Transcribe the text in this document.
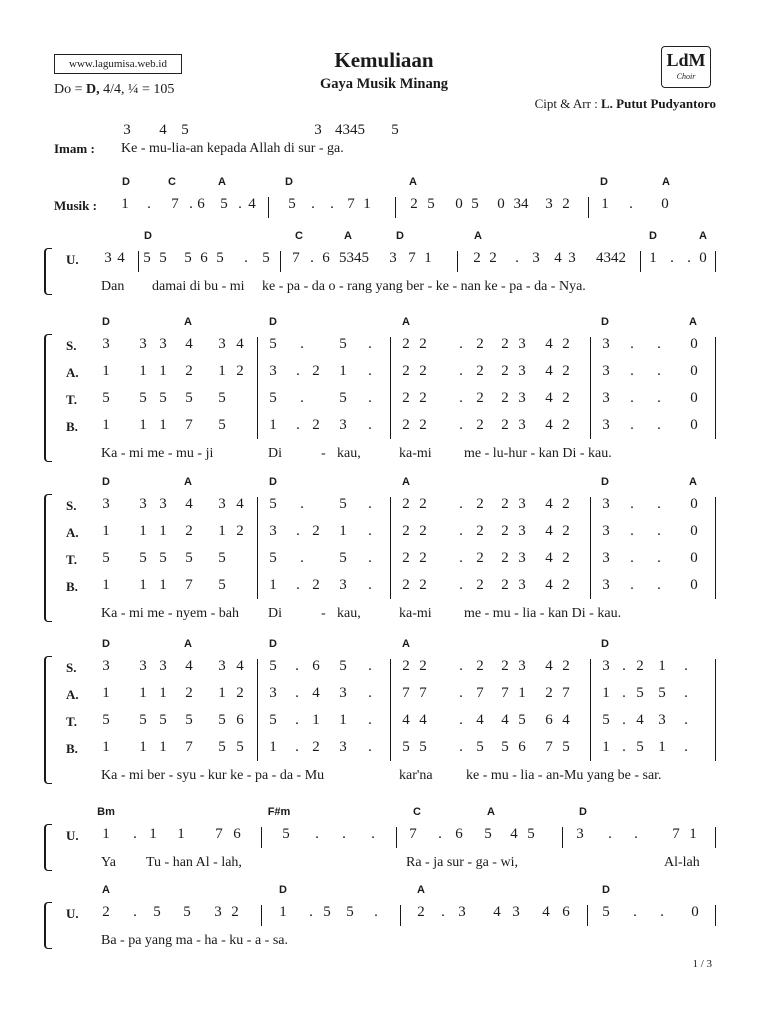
www.lagumisa.web.id	Kemuliaan
Gaya Musik Minang
Do = D, 4/4, ¼ = 105
Cipt & Arr : L. Putut Pudyantoro
LdM
Choir
1 / 3
Imam :
3 4 5	3 4345 5
Ke - mu-lia-an kepada Allah di sur - ga.
D	C	A	D	A	D	A
Musik : 1 . 7 . 6 5 . 4 5 . . 7 1	2 5 0 5 0 34 3 2 1 . 0
D	C	A	D	A	D	A
U. 3 4 5 5 5 6 5 . 5 7 . 6 5345 3 7 1	2 2 . 3 4 3 4342 1 . . 0
Dan damai di bu - mi ke - pa - da o - rang yang ber - ke - nan ke - pa - da - Nya.
D	A	D	A	D	A
S. 3 3 3 4 3 4 5 . 5 . 2 2 . 2 2 3 4 2 3 . . 0
A. 1 1 1 2 1 2 3 . 2 1 . 2 2 . 2 2 3 4 2 3 . . 0
T. 5 5 5 5 5	5 . 5 . 2 2 . 2 2 3 4 2 3 . . 0
B. 1 1 1 7 5	1 . 2 3 . 2 2 . 2 2 3 4 2 3 . . 0
Ka - mi me - mu - ji	Di	- kau,	ka-mi me - lu-hur - kan Di - kau.
D	A	D	A	D	A
S. 3 3 3 4 3 4 5 . 5 . 2 2 . 2 2 3 4 2 3 . . 0
A. 1 1 1 2 1 2 3 . 2 1 . 2 2 . 2 2 3 4 2 3 . . 0
T. 5 5 5 5 5	5 . 5 . 2 2 . 2 2 3 4 2 3 . . 0
B. 1 1 1 7 5	1 . 2 3 . 2 2 . 2 2 3 4 2 3 . . 0
Ka - mi me - nyem - bah Di	- kau,	ka-mi me - mu - lia - kan Di - kau.
D	A	D	A	D
S. 3 3 3 4 3 4 5 . 6 5 . 2 2 . 2 2 3 4 2 3 . 2 1 .
A. 1 1 1 2 1 2 3 . 4 3 . 7 7 . 7 7 1 2 7 1 . 5 5 .
T. 5 5 5 5 5 6 5 . 1 1 . 4 4 . 4 4 5 6 4 5 . 4 3 .
B. 1 1 1 7 5 5 1 . 2 3 . 5 5 . 5 5 6 7 5 1 . 5 1 .
Ka - mi ber - syu - kur ke - pa - da - Mu	kar'na ke - mu - lia - an-Mu yang be - sar.
Bm	F#m	C	A	D
U. 1 . 1 1 7 6	5 . . . 7 . 6 5 4 5	3 . . 7 1
Ya Tu - han Al - lah,	Ra - ja sur - ga - wi,	Al-lah
A	D	A	D
U. 2 . 5 5 3 2	1 . 5 5 .	2 . 3 4 3 4 6 5 . . 0
Ba - pa yang ma - ha - ku - a - sa.
